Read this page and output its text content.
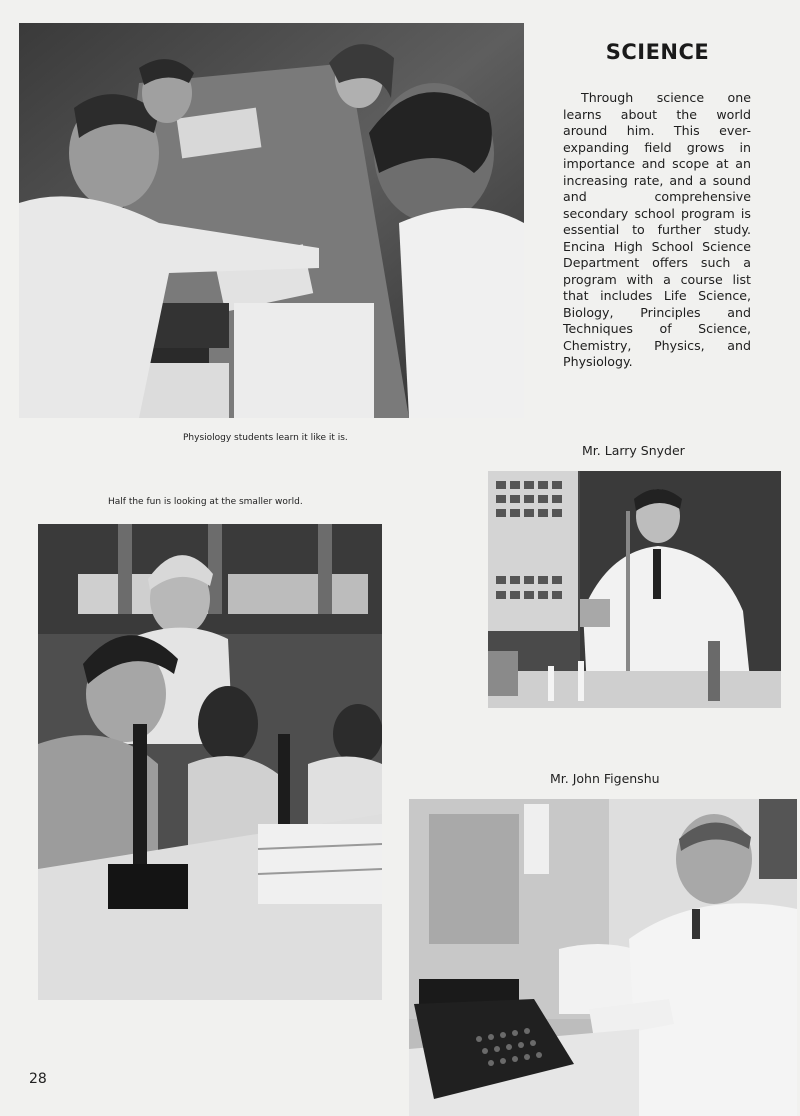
SCIENCE

Through science one learns about the world around him. This ever-expanding field grows in importance and scope at an increasing rate, and a sound and comprehensive secondary school program is essential to further study. Encina High School Science Department offers such a program with a course list that includes Life Science, Biology, Principles and Techniques of Science, Chemistry, Physics, and Physiology.

Physiology students learn it like it is.
Mr. Larry Snyder
Half the fun is looking at the smaller world.
Mr. John Figenshu
28
